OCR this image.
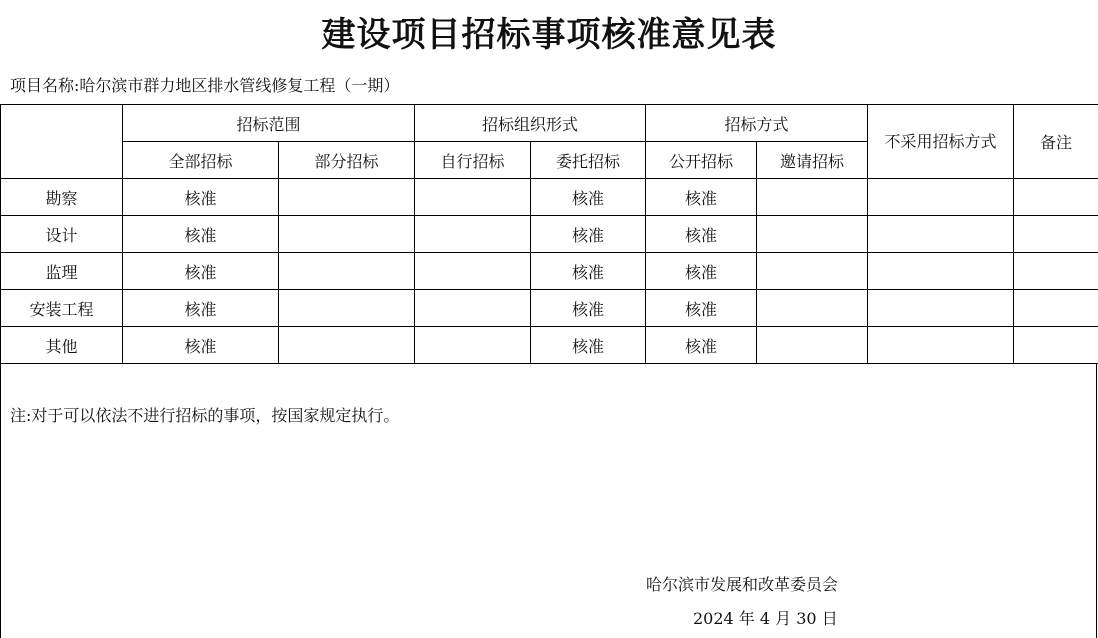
建设项目招标事项核准意见表
项目名称:哈尔滨市群力地区排水管线修复工程（一期）
	招标范围		招标组织形式		招标方式		不采用招标方式	备注
	全部招标	部分招标	自行招标	委托招标	公开招标	邀请招标		
勘察	核准			核准	核准			
设计	核准			核准	核准			
监理	核准			核准	核准			
安装工程	核准			核准	核准			
其他	核准			核准	核准			
注:对于可以依法不进行招标的事项，按国家规定执行。
哈尔滨市发展和改革委员会
2024 年 4 月 30 日
